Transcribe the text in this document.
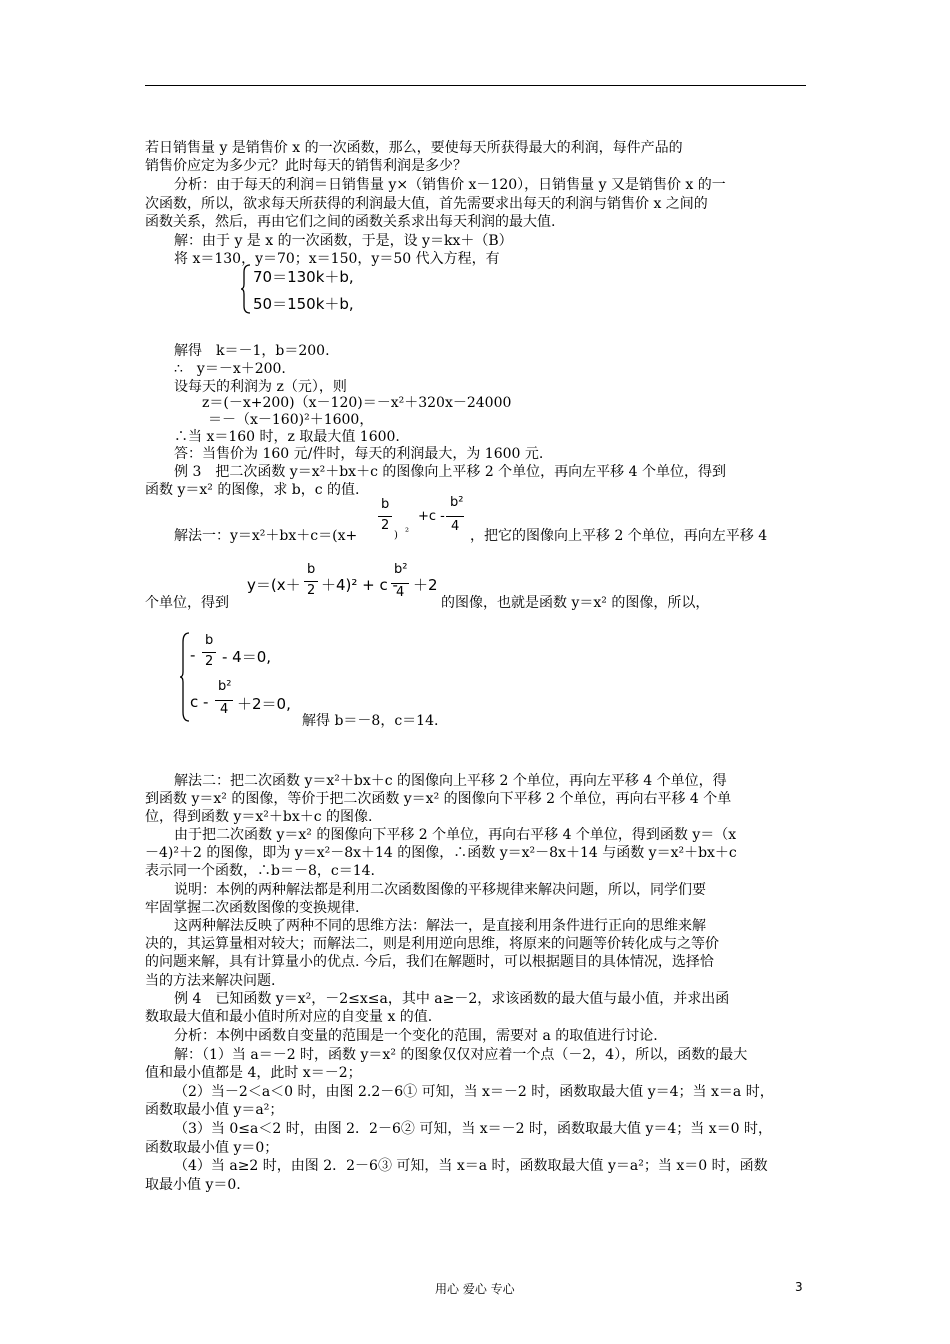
若日销售量 y 是销售价 x 的一次函数，那么，要使每天所获得最大的利润，每件产品的
销售价应定为多少元？此时每天的销售利润是多少？
分析：由于每天的利润＝日销售量 y×（销售价 x－120），日销售量 y 又是销售价 x 的一
次函数，所以，欲求每天所获得的利润最大值，首先需要求出每天的利润与销售价 x 之间的
函数关系，然后，再由它们之间的函数关系求出每天利润的最大值.
解：由于 y 是 x 的一次函数，于是，设 y＝kx＋（B）
将 x＝130，y＝70；x＝150，y＝50 代入方程，有
70＝130k＋b,
50＝150k＋b,
解得　k＝－1，b＝200.
∴　y＝－x＋200.
设每天的利润为 z（元），则
z＝(－x+200)（x－120)＝－x²＋320x－24000
＝－（x－160)²＋1600，
∴当 x＝160 时，z 取最大值 1600.
答：当售价为 160 元/件时，每天的利润最大，为 1600 元.
例 3　把二次函数 y＝x²＋bx＋c 的图像向上平移 2 个单位，再向左平移 4 个单位，得到
函数 y＝x² 的图像，求 b，c 的值.
b
2
+c -
b²
4
解法一：y＝x²＋bx＋c＝(x+	) ²	，把它的图像向上平移 2 个单位，再向左平移 4
y＝(x＋
b
2 ＋4)² + c -
b²
4 ＋2
个单位，得到	的图像，也就是函数 y＝x² 的图像，所以，
-
b
2 - 4＝0,
c -
b²
4 ＋2＝0,
解得 b＝－8，c＝14.
解法二：把二次函数 y＝x²＋bx＋c 的图像向上平移 2 个单位，再向左平移 4 个单位，得
到函数 y＝x² 的图像，等价于把二次函数 y＝x² 的图像向下平移 2 个单位，再向右平移 4 个单
位，得到函数 y＝x²＋bx＋c 的图像.
由于把二次函数 y＝x² 的图像向下平移 2 个单位，再向右平移 4 个单位，得到函数 y＝（x
－4)²＋2 的图像，即为 y＝x²－8x＋14 的图像，∴函数 y＝x²－8x＋14 与函数 y＝x²＋bx＋c
表示同一个函数，∴b＝－8，c＝14.
说明：本例的两种解法都是利用二次函数图像的平移规律来解决问题，所以，同学们要
牢固掌握二次函数图像的变换规律.
这两种解法反映了两种不同的思维方法：解法一，是直接利用条件进行正向的思维来解
决的，其运算量相对较大；而解法二，则是利用逆向思维，将原来的问题等价转化成与之等价
的问题来解，具有计算量小的优点. 今后，我们在解题时，可以根据题目的具体情况，选择恰
当的方法来解决问题.
例 4　已知函数 y＝x²，－2≤x≤a，其中 a≥－2，求该函数的最大值与最小值，并求出函
数取最大值和最小值时所对应的自变量 x 的值.
分析：本例中函数自变量的范围是一个变化的范围，需要对 a 的取值进行讨论.
解：（1）当 a＝－2 时，函数 y＝x² 的图象仅仅对应着一个点（－2，4），所以，函数的最大
值和最小值都是 4，此时 x＝－2；
（2）当－2＜a＜0 时，由图 2.2－6① 可知，当 x＝－2 时，函数取最大值 y＝4；当 x＝a 时，
函数取最小值 y＝a²；
（3）当 0≤a＜2 时，由图 2．2－6② 可知，当 x＝－2 时，函数取最大值 y＝4；当 x＝0 时，
函数取最小值 y＝0；
（4）当 a≥2 时，由图 2．2－6③ 可知，当 x＝a 时，函数取最大值 y＝a²；当 x＝0 时，函数
取最小值 y＝0.
用心 爱心 专心	3
